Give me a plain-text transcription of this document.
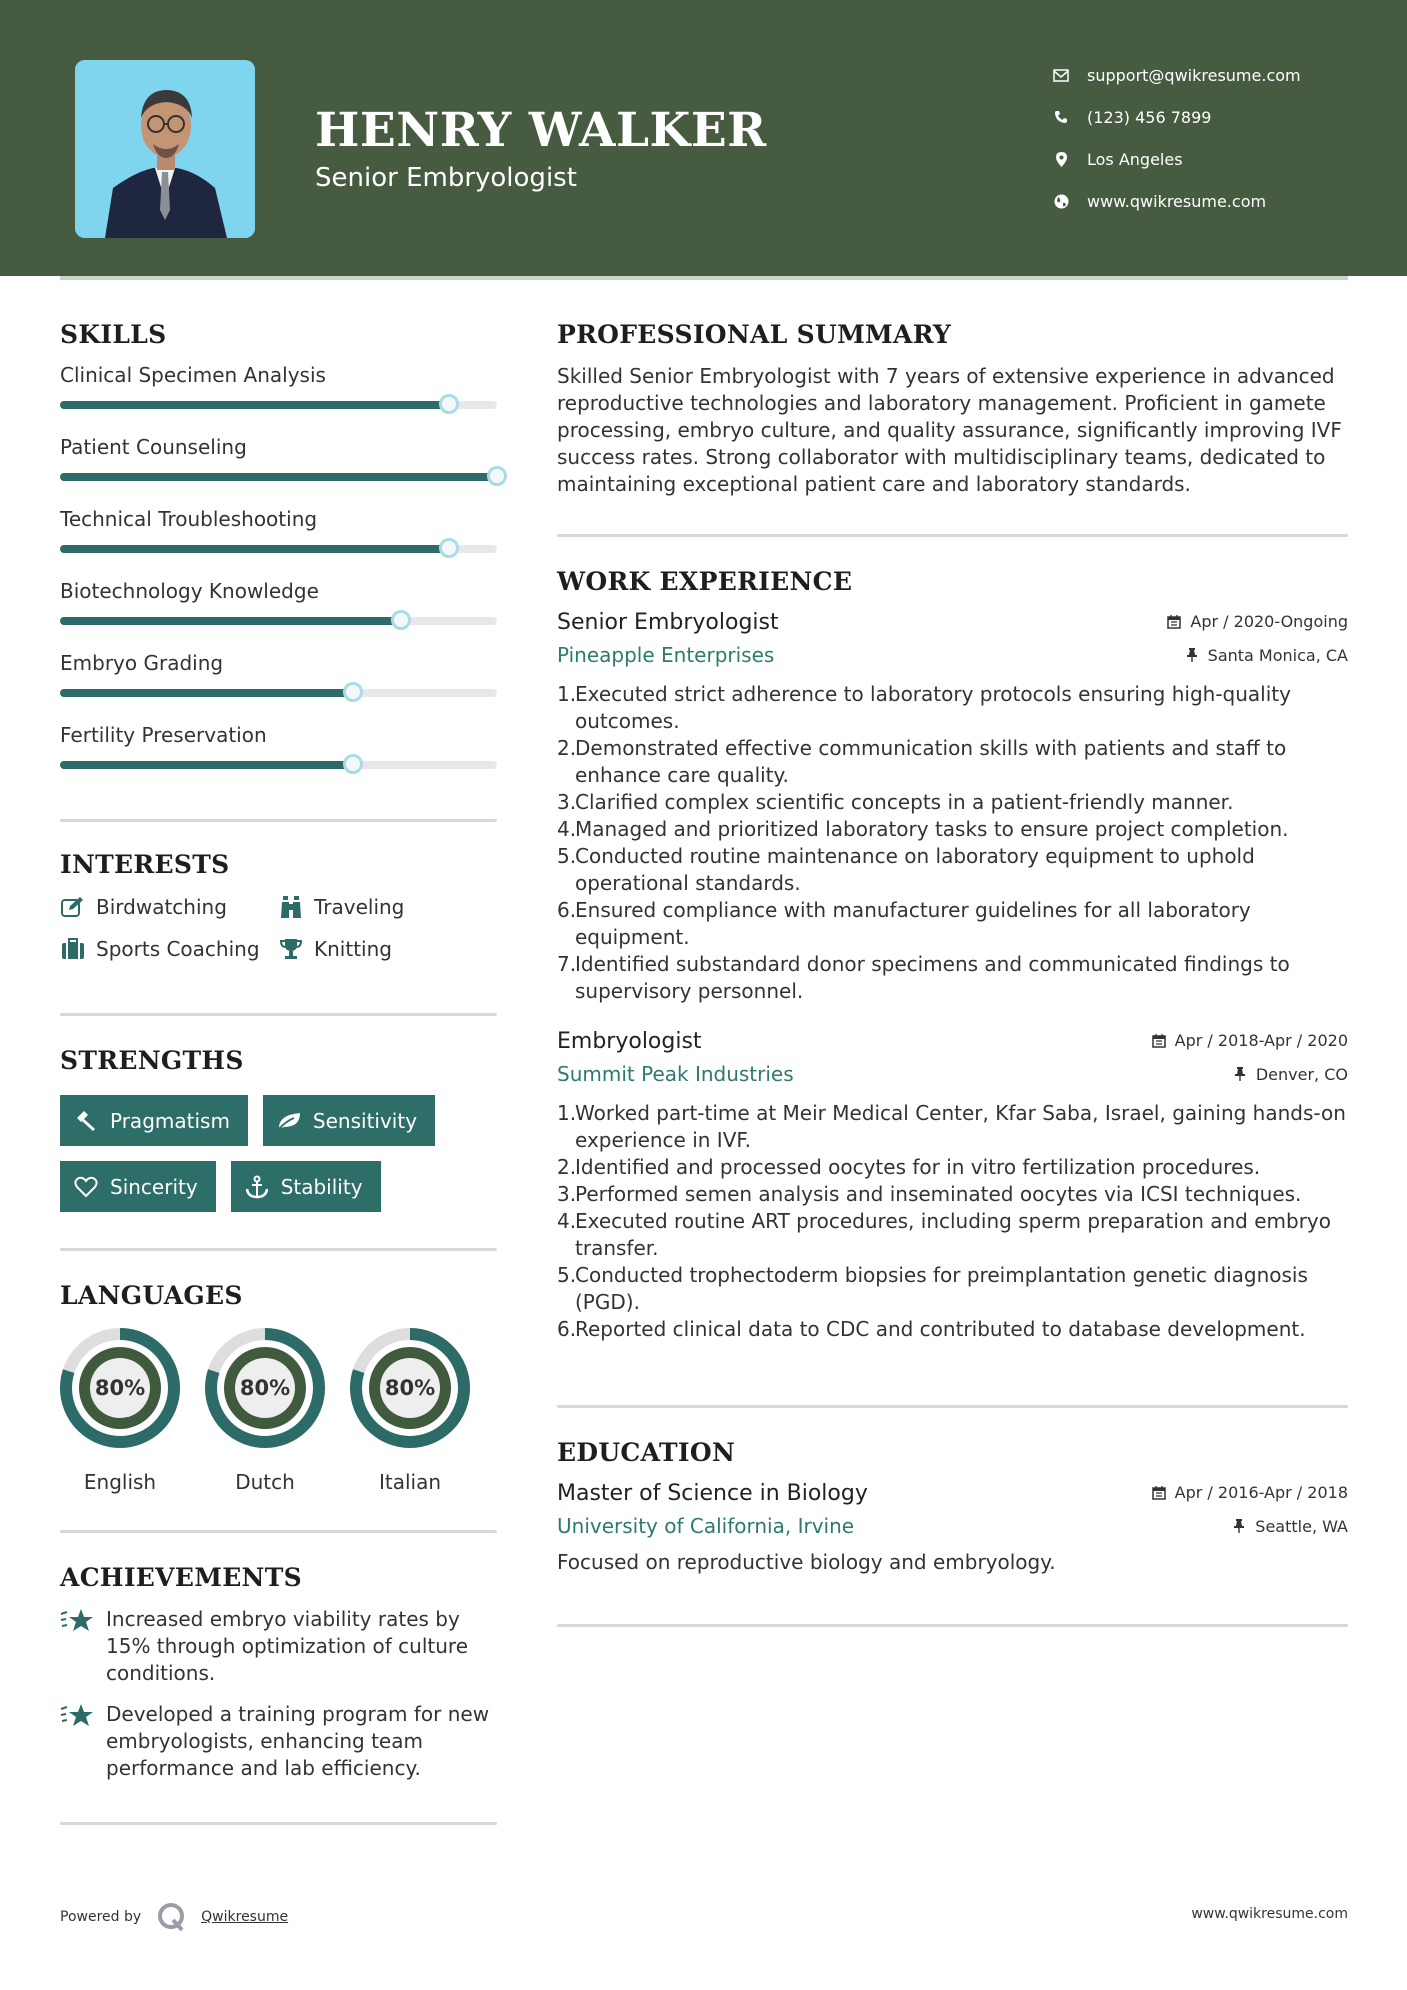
HENRY WALKER
Senior Embryologist
support@qwikresume.com
(123) 456 7899
Los Angeles
www.qwikresume.com
SKILLS
Clinical Specimen Analysis
Patient Counseling
Technical Troubleshooting
Biotechnology Knowledge
Embryo Grading
Fertility Preservation
INTERESTS
Birdwatching	Traveling
Sports Coaching	Knitting
STRENGTHS
Pragmatism	Sensitivity
Sincerity	Stability
LANGUAGES
80%
English
80%
Dutch
80%
Italian
ACHIEVEMENTS
Increased embryo viability rates by 15% through optimization of culture conditions.
Developed a training program for new embryologists, enhancing team performance and lab efficiency.
PROFESSIONAL SUMMARY

Skilled Senior Embryologist with 7 years of extensive experience in advanced reproductive technologies and laboratory management. Proficient in gamete processing, embryo culture, and quality assurance, significantly improving IVF success rates. Strong collaborator with multidisciplinary teams, dedicated to maintaining exceptional patient care and laboratory standards.

WORK EXPERIENCE
Senior Embryologist	Apr / 2020-Ongoing
Pineapple Enterprises	Santa Monica, CA
1.
Executed strict adherence to laboratory protocols ensuring high-quality outcomes.
2.
Demonstrated effective communication skills with patients and staff to enhance care quality.
3.
Clarified complex scientific concepts in a patient-friendly manner.
4.
Managed and prioritized laboratory tasks to ensure project completion.
5.
Conducted routine maintenance on laboratory equipment to uphold operational standards.
6.
Ensured compliance with manufacturer guidelines for all laboratory equipment.
7.
Identified substandard donor specimens and communicated findings to supervisory personnel.
Embryologist	Apr / 2018-Apr / 2020
Summit Peak Industries	Denver, CO
1.
Worked part-time at Meir Medical Center, Kfar Saba, Israel, gaining hands-on experience in IVF.
2.
Identified and processed oocytes for in vitro fertilization procedures.
3.
Performed semen analysis and inseminated oocytes via ICSI techniques.
4.
Executed routine ART procedures, including sperm preparation and embryo transfer.
5.
Conducted trophectoderm biopsies for preimplantation genetic diagnosis (PGD).
6.
Reported clinical data to CDC and contributed to database development.
EDUCATION
Master of Science in Biology	Apr / 2016-Apr / 2018
University of California, Irvine	Seattle, WA

Focused on reproductive biology and embryology.

Powered by	Qwikresume	www.qwikresume.com
